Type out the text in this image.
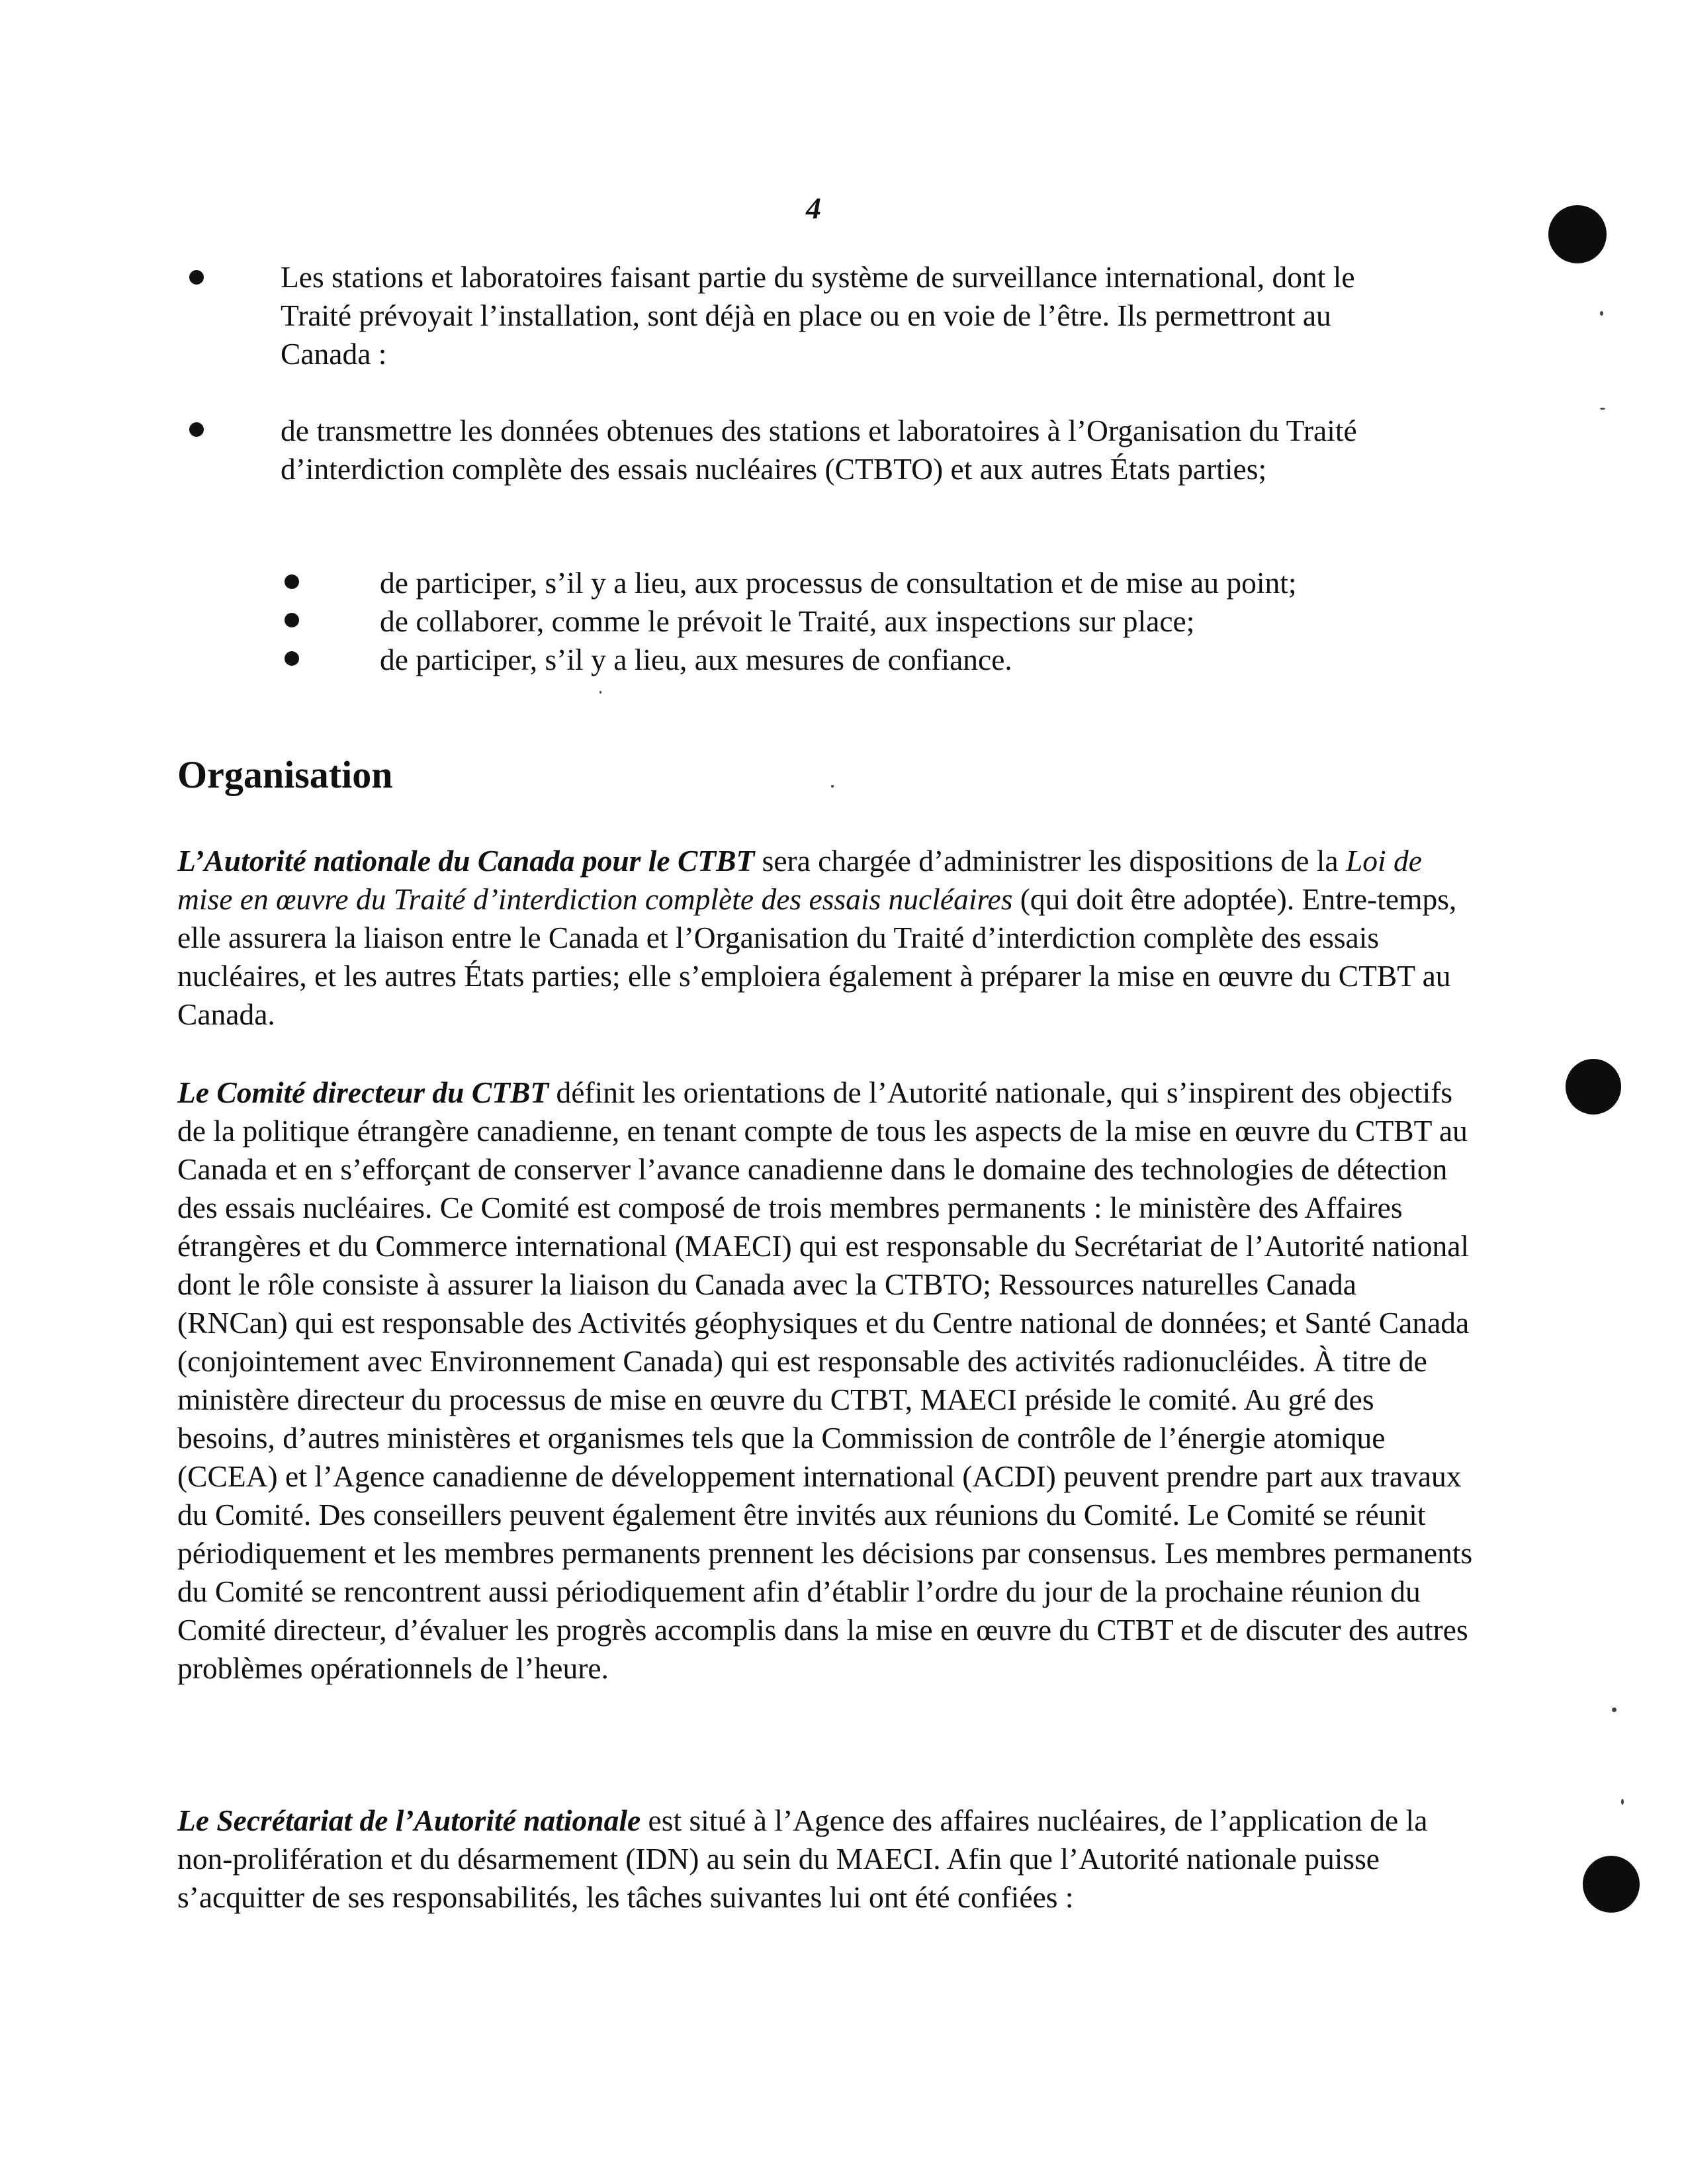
4

Les stations et laboratoires faisant partie du système de surveillance international, dont le Traité prévoyait l’installation, sont déjà en place ou en voie de l’être. Ils permettront au Canada :

de transmettre les données obtenues des stations et laboratoires à l’Organisation du Traité d’interdiction complète des essais nucléaires (CTBTO) et aux autres États parties;

de participer, s’il y a lieu, aux processus de consultation et de mise au point;

de collaborer, comme le prévoit le Traité, aux inspections sur place;

de participer, s’il y a lieu, aux mesures de confiance.

Organisation

L’Autorité nationale du Canada pour le CTBT sera chargée d’administrer les dispositions de la Loi de mise en œuvre du Traité d’interdiction complète des essais nucléaires (qui doit être adoptée). Entre-temps, elle assurera la liaison entre le Canada et l’Organisation du Traité d’interdiction complète des essais nucléaires, et les autres États parties; elle s’emploiera également à préparer la mise en œuvre du CTBT au Canada.

Le Comité directeur du CTBT définit les orientations de l’Autorité nationale, qui s’inspirent des objectifs de la politique étrangère canadienne, en tenant compte de tous les aspects de la mise en œuvre du CTBT au Canada et en s’efforçant de conserver l’avance canadienne dans le domaine des technologies de détection des essais nucléaires. Ce Comité est composé de trois membres permanents : le ministère des Affaires étrangères et du Commerce international (MAECI) qui est responsable du Secrétariat de l’Autorité national dont le rôle consiste à assurer la liaison du Canada avec la CTBTO; Ressources naturelles Canada (RNCan) qui est responsable des Activités géophysiques et du Centre national de données; et Santé Canada (conjointement avec Environnement Canada) qui est responsable des activités radionucléides. À titre de ministère directeur du processus de mise en œuvre du CTBT, MAECI préside le comité. Au gré des besoins, d’autres ministères et organismes tels que la Commission de contrôle de l’énergie atomique (CCEA) et l’Agence canadienne de développement international (ACDI) peuvent prendre part aux travaux du Comité. Des conseillers peuvent également être invités aux réunions du Comité. Le Comité se réunit périodiquement et les membres permanents prennent les décisions par consensus. Les membres permanents du Comité se rencontrent aussi périodiquement afin d’établir l’ordre du jour de la prochaine réunion du Comité directeur, d’évaluer les progrès accomplis dans la mise en œuvre du CTBT et de discuter des autres problèmes opérationnels de l’heure.

Le Secrétariat de l’Autorité nationale est situé à l’Agence des affaires nucléaires, de l’application de la non-prolifération et du désarmement (IDN) au sein du MAECI. Afin que l’Autorité nationale puisse s’acquitter de ses responsabilités, les tâches suivantes lui ont été confiées :
